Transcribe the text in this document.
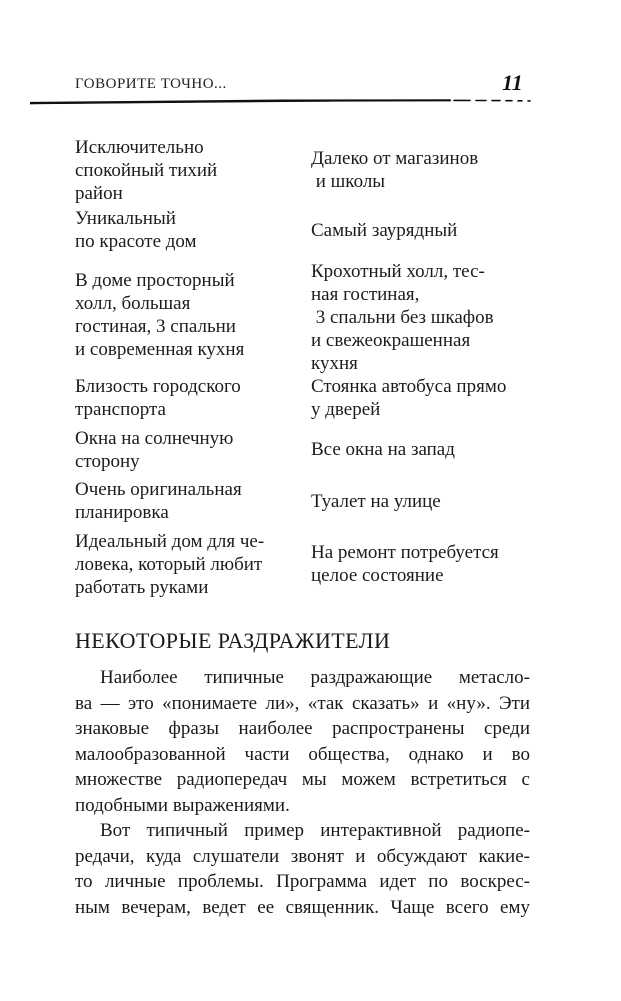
ГОВОРИТЕ ТОЧНО...	11
Исключительно
спокойный тихий
район
Далеко от магазинов
и школы
Уникальный
по красоте дом
Самый заурядный
В доме просторный
холл, большая
гостиная, 3 спальни
и современная кухня
Крохотный холл, тес-
ная гостиная,
3 спальни без шкафов
и свежеокрашенная
кухня
Близость городского
транспорта
Стоянка автобуса прямо
у дверей
Окна на солнечную
сторону
Все окна на запад
Очень оригинальная
планировка
Туалет на улице
Идеальный дом для че-
ловека, который любит
работать руками
На ремонт потребуется
целое состояние
НЕКОТОРЫЕ РАЗДРАЖИТЕЛИ
Наиболее типичные раздражающие метасло-
ва — это «понимаете ли», «так сказать» и «ну». Эти
знаковые фразы наиболее распространены среди
малообразованной части общества, однако и во
множестве радиопередач мы можем встретиться с
подобными выражениями.
Вот типичный пример интерактивной радиопе-
редачи, куда слушатели звонят и обсуждают какие-
то личные проблемы. Программа идет по воскрес-
ным вечерам, ведет ее священник. Чаще всего ему
